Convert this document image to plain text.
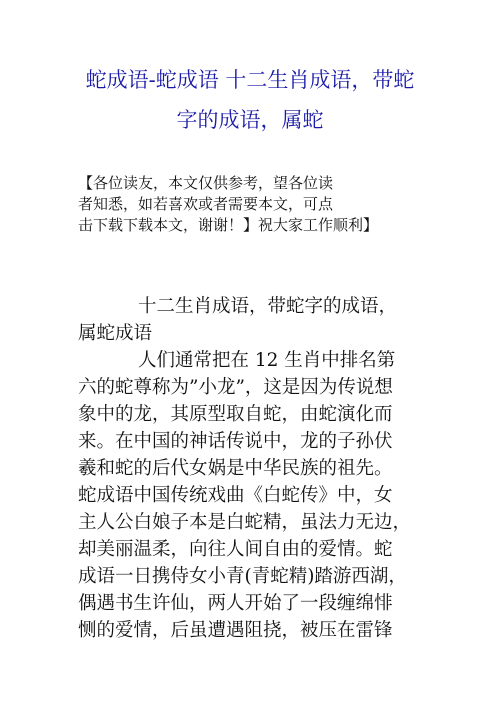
蛇成语-蛇成语 十二生肖成语，带蛇
字的成语，属蛇
【各位读友，本文仅供参考，望各位读
者知悉，如若喜欢或者需要本文，可点
击下载下载本文，谢谢！】祝大家工作顺利】
十二生肖成语，带蛇字的成语，
属蛇成语
人们通常把在 12 生肖中排名第
六的蛇尊称为”小龙”，这是因为传说想
象中的龙，其原型取自蛇，由蛇演化而
来。在中国的神话传说中，龙的子孙伏
羲和蛇的后代女娲是中华民族的祖先。
蛇成语中国传统戏曲《白蛇传》中，女
主人公白娘子本是白蛇精，虽法力无边，
却美丽温柔，向往人间自由的爱情。蛇
成语一日携侍女小青(青蛇精)踏游西湖，
偶遇书生许仙，两人开始了一段缠绵悱
恻的爱情，后虽遭遇阻挠，被压在雷锋
